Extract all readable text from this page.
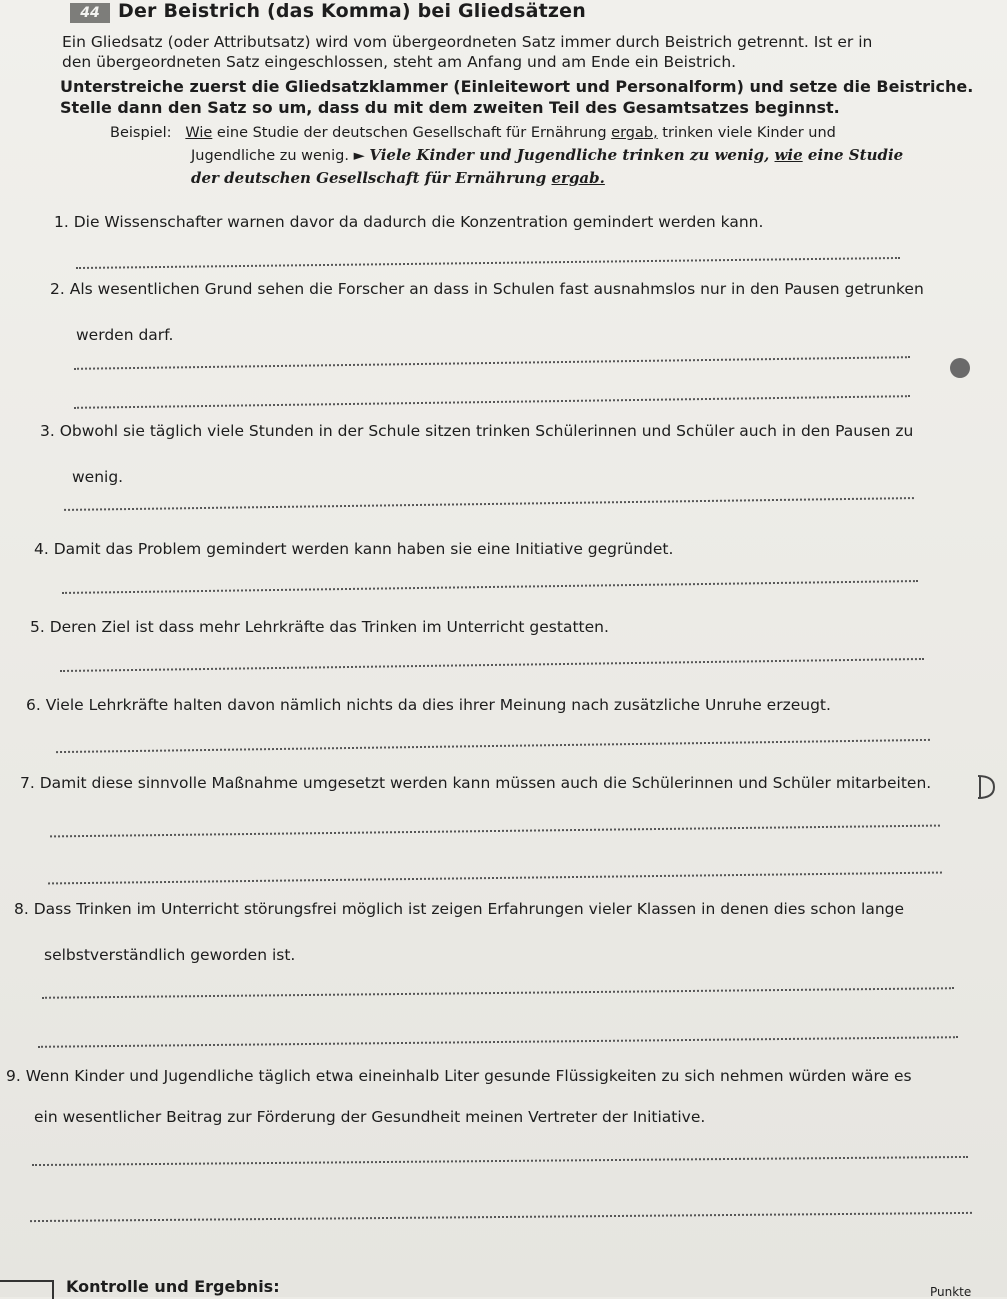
44 Der Beistrich (das Komma) bei Gliedsätzen
Ein Gliedsatz (oder Attributsatz) wird vom übergeordneten Satz immer durch Beistrich getrennt. Ist er in
den übergeordneten Satz eingeschlossen, steht am Anfang und am Ende ein Beistrich.
Unterstreiche zuerst die Gliedsatzklammer (Einleitewort und Personalform) und setze die Beistriche.
Stelle dann den Satz so um, dass du mit dem zweiten Teil des Gesamtsatzes beginnst.
Beispiel: Wie eine Studie der deutschen Gesellschaft für Ernährung ergab, trinken viele Kinder und
Jugendliche zu wenig. ► Viele Kinder und Jugendliche trinken zu wenig, wie eine Studie
der deutschen Gesellschaft für Ernährung ergab.
1. Die Wissenschafter warnen davor da dadurch die Konzentration gemindert werden kann.
2. Als wesentlichen Grund sehen die Forscher an dass in Schulen fast ausnahmslos nur in den Pausen getrunken
werden darf.
3. Obwohl sie täglich viele Stunden in der Schule sitzen trinken Schülerinnen und Schüler auch in den Pausen zu
wenig.
4. Damit das Problem gemindert werden kann haben sie eine Initiative gegründet.
5. Deren Ziel ist dass mehr Lehrkräfte das Trinken im Unterricht gestatten.
6. Viele Lehrkräfte halten davon nämlich nichts da dies ihrer Meinung nach zusätzliche Unruhe erzeugt.
7. Damit diese sinnvolle Maßnahme umgesetzt werden kann müssen auch die Schülerinnen und Schüler mitarbeiten.
8. Dass Trinken im Unterricht störungsfrei möglich ist zeigen Erfahrungen vieler Klassen in denen dies schon lange
selbstverständlich geworden ist.
9. Wenn Kinder und Jugendliche täglich etwa eineinhalb Liter gesunde Flüssigkeiten zu sich nehmen würden wäre es
ein wesentlicher Beitrag zur Förderung der Gesundheit meinen Vertreter der Initiative.
Kontrolle und Ergebnis:	Punkte
